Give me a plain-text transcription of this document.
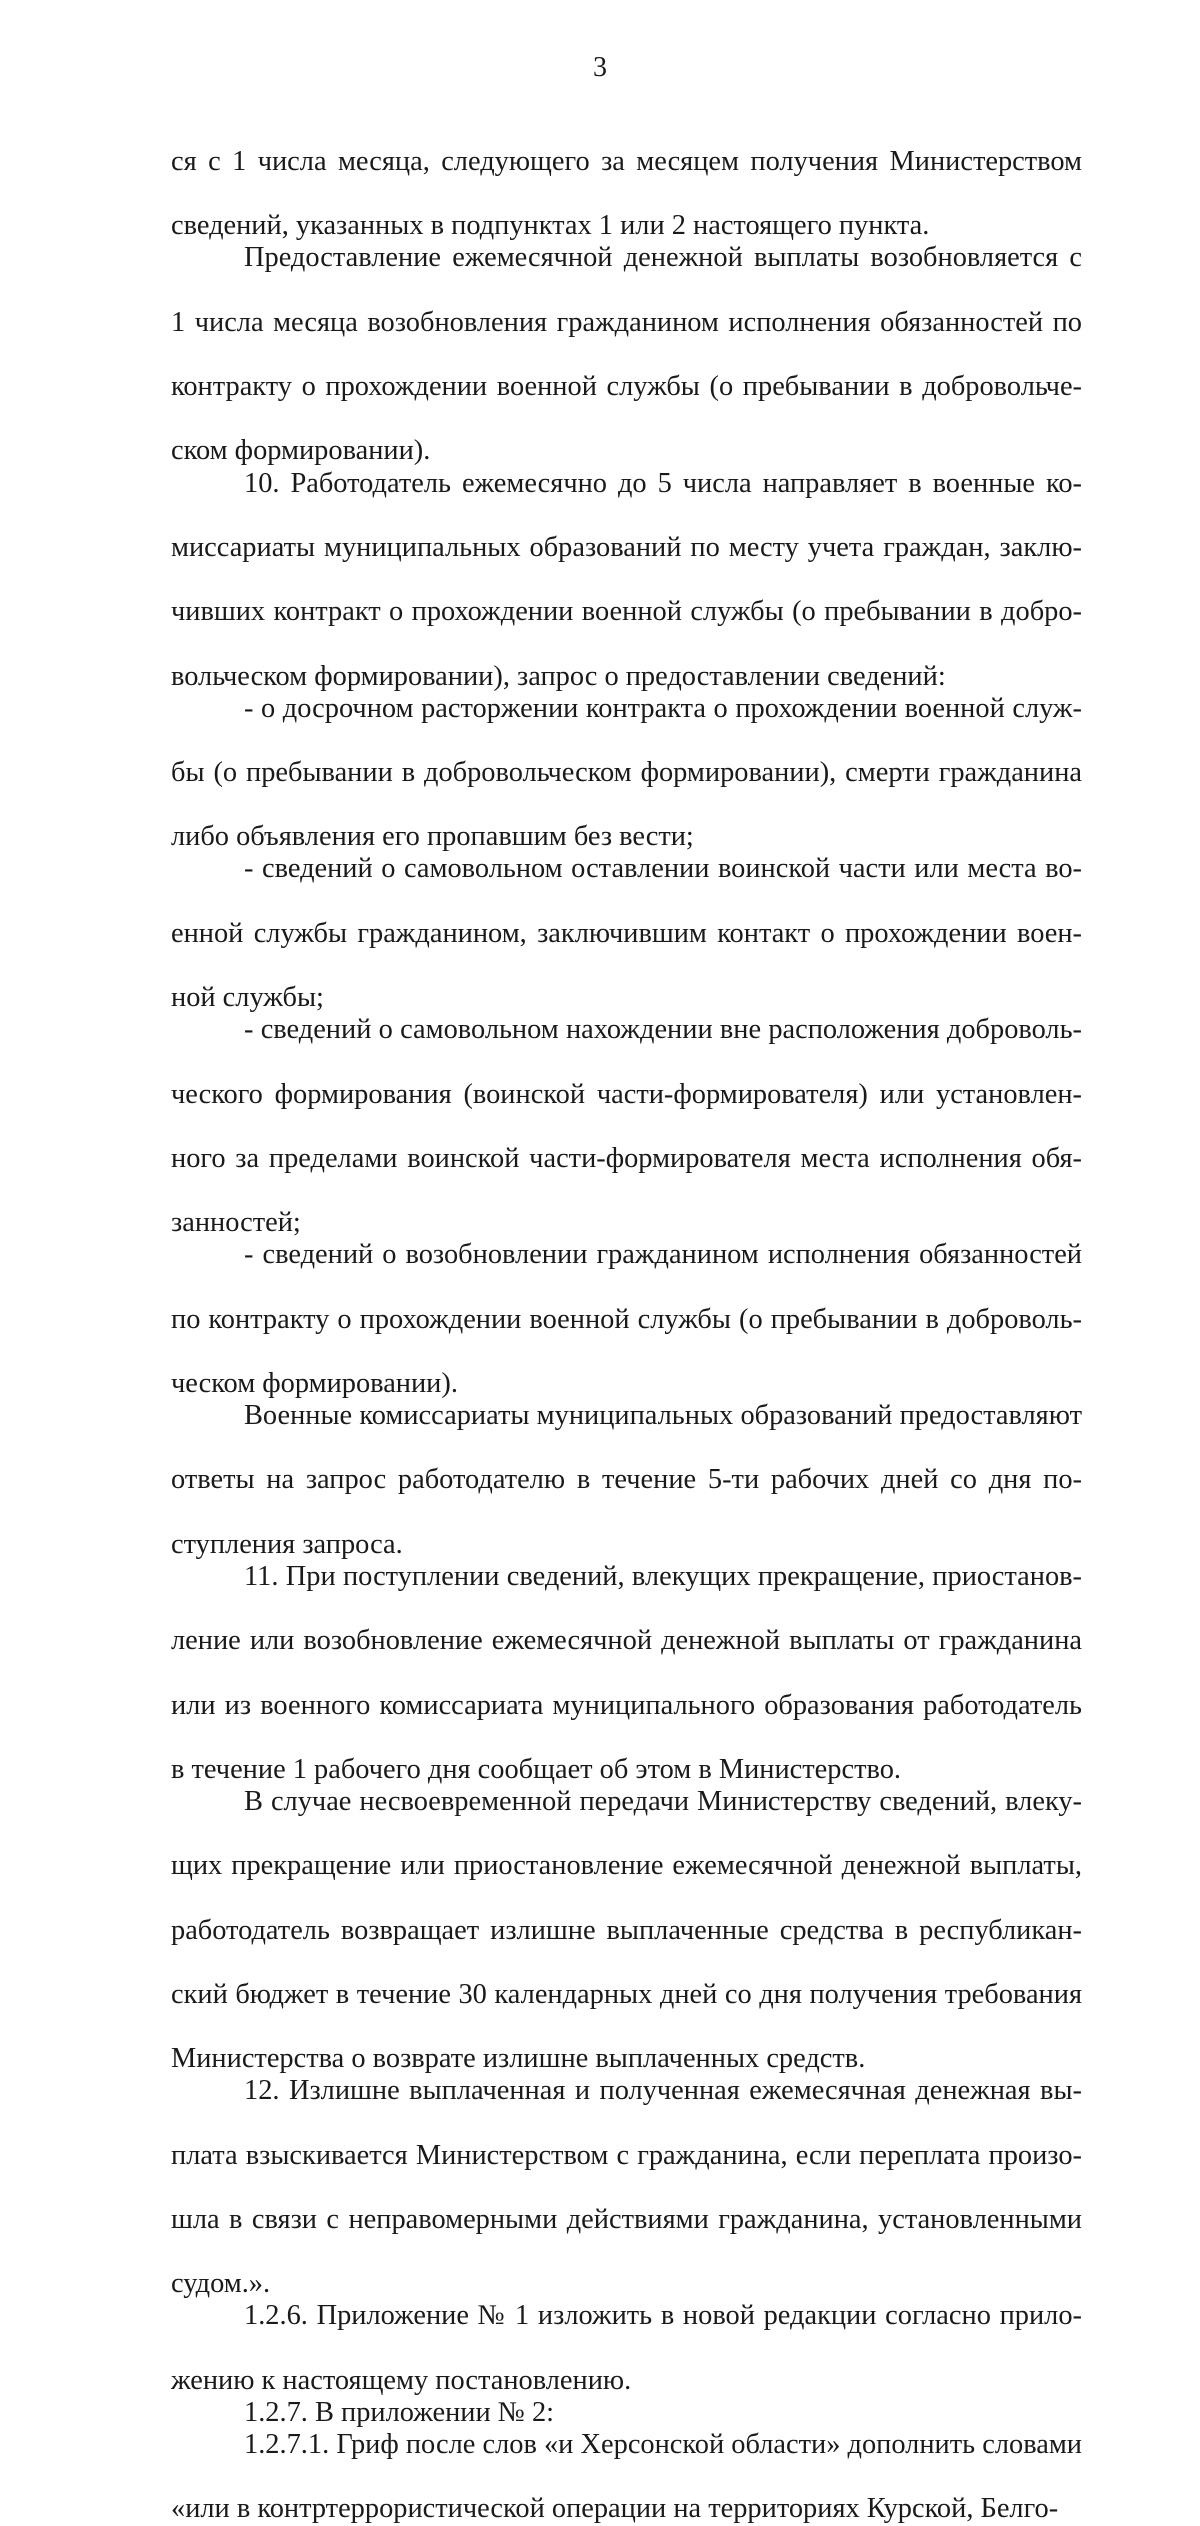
3

ся с 1 числа месяца, следующего за месяцем получения Министерством сведений, указанных в подпунктах 1 или 2 настоящего пункта.

Предоставление ежемесячной денежной выплаты возобновляется с 1 числа месяца возобновления гражданином исполнения обязанностей по контракту о прохождении военной службы (о пребывании в добровольче- ском формировании).

10. Работодатель ежемесячно до 5 числа направляет в военные ко- миссариаты муниципальных образований по месту учета граждан, заклю- чивших контракт о прохождении военной службы (о пребывании в добро- вольческом формировании), запрос о предоставлении сведений:

- о досрочном расторжении контракта о прохождении военной служ- бы (о пребывании в добровольческом формировании), смерти гражданина либо объявления его пропавшим без вести;

- сведений о самовольном оставлении воинской части или места во- енной службы гражданином, заключившим контакт о прохождении воен- ной службы;

- сведений о самовольном нахождении вне расположения доброволь- ческого формирования (воинской части-формирователя) или установлен- ного за пределами воинской части-формирователя места исполнения обя- занностей;

- сведений о возобновлении гражданином исполнения обязанностей по контракту о прохождении военной службы (о пребывании в доброволь- ческом формировании).

Военные комиссариаты муниципальных образований предоставляют ответы на запрос работодателю в течение 5-ти рабочих дней со дня по- ступления запроса.

11. При поступлении сведений, влекущих прекращение, приостанов- ление или возобновление ежемесячной денежной выплаты от гражданина или из военного комиссариата муниципального образования работодатель в течение 1 рабочего дня сообщает об этом в Министерство.

В случае несвоевременной передачи Министерству сведений, влеку- щих прекращение или приостановление ежемесячной денежной выплаты, работодатель возвращает излишне выплаченные средства в республикан- ский бюджет в течение 30 календарных дней со дня получения требования Министерства о возврате излишне выплаченных средств.

12. Излишне выплаченная и полученная ежемесячная денежная вы- плата взыскивается Министерством с гражданина, если переплата произо- шла в связи с неправомерными действиями гражданина, установленными судом.».

1.2.6. Приложение № 1 изложить в новой редакции согласно прило- жению к настоящему постановлению.

1.2.7. В приложении № 2:

1.2.7.1. Гриф после слов «и Херсонской области» дополнить словами «или в контртеррористической операции на территориях Курской, Белго-
